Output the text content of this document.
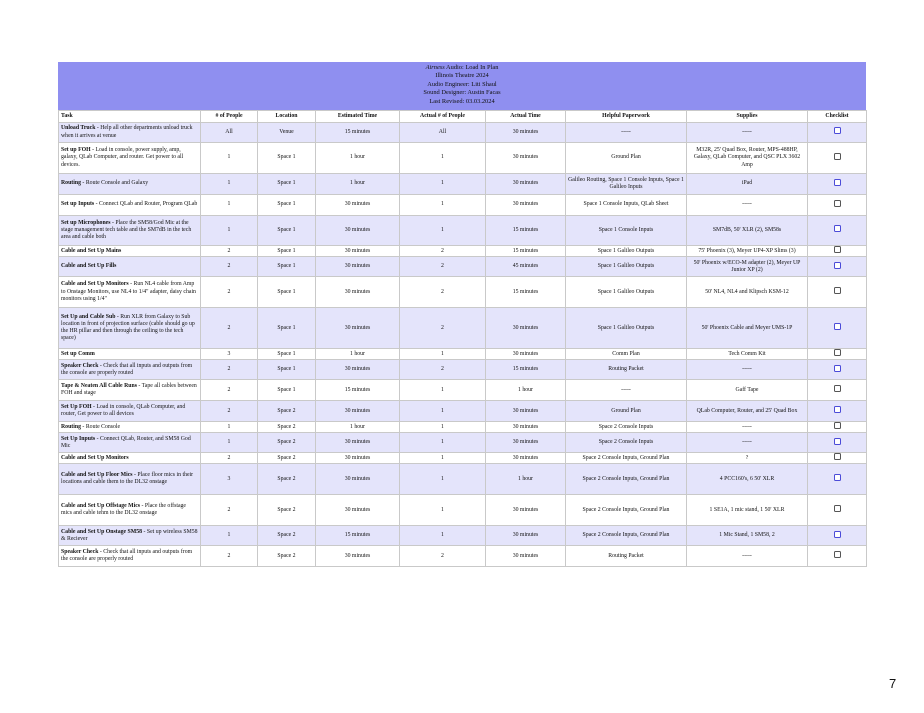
Airness Audio: Load In Plan
Illinois Theatre 2024
Audio Engineer: Liti Shaul
Sound Designer: Austin Facas
Last Revised: 03.03.2024
Task	# of People	Location	Estimated Time	Actual # of People	Actual Time	Helpful Paperwork	Supplies	Checklist
Unload Truck - Help all other departments unload truck when it arrives at venue	All	Venue	15 minutes	All	30 minutes	-----	-----	
Set up FOH - Load in console, power supply, amp, galaxy, QLab Computer, and router. Get power to all devices.	1	Space 1	1 hour	1	30 minutes	Ground Plan	M32R, 25' Quad Box, Router, MPS-488HP, Galaxy, QLab Computer, and QSC PLX 3602 Amp	
Routing - Route Console and Galaxy	1	Space 1	1 hour	1	30 minutes	Galileo Routing, Space 1 Console Inputs, Space 1 Galileo Inputs	iPad	
Set up Inputs - Connect QLab and Router, Program QLab	1	Space 1	30 minutes	1	30 minutes	Space 1 Console Inputs, QLab Sheet	-----	
Set up Microphones - Place the SM58/God Mic at the stage management tech table and the SM7dB in the tech area and cable both	1	Space 1	30 minutes	1	15 minutes	Space 1 Console Inputs	SM7dB, 50' XLR (2), SM58s	
Cable and Set Up Mains	2	Space 1	30 minutes	2	15 minutes	Space 1 Galileo Outputs	75' Phoenix (3), Meyer UP4-XP Slims (3)	
Cable and Set Up Fills	2	Space 1	30 minutes	2	45 minutes	Space 1 Galileo Outputs	50' Phoenix w/ECO-M adapter (2), Meyer UP Junior XP (2)	
Cable and Set Up Monitors - Run NL4 cable from Amp to Onstage Monitors, use NL4 to 1/4" adapter, daisy chain monitors using 1/4"	2	Space 1	30 minutes	2	15 minutes	Space 1 Galileo Outputs	50' NL4, NL4 and Klipsch KSM-12	
Set Up and Cable Sub - Run XLR from Galaxy to Sub location in front of projection surface (cable should go up the HR pillar and then through the ceiling to the tech space)	2	Space 1	30 minutes	2	30 minutes	Space 1 Galileo Outputs	50' Phoenix Cable and Meyer UMS-1P	
Set up Comm	3	Space 1	1 hour	1	30 minutes	Comm Plan	Tech Comm Kit	
Speaker Check - Check that all inputs and outputs from the console are properly routed	2	Space 1	30 minutes	2	15 minutes	Routing Packet	-----	
Tape & Neaten All Cable Runs - Tape all cables between FOH and stage	2	Space 1	15 minutes	1	1 hour	-----	Gaff Tape	
Set Up FOH - Load in console, QLab Computer, and router, Get power to all devices	2	Space 2	30 minutes	1	30 minutes	Ground Plan	QLab Computer, Router, and 25' Quad Box	
Routing - Route Console	1	Space 2	1 hour	1	30 minutes	Space 2 Console Inputs	-----	
Set Up Inputs - Connect QLab, Router, and SM58 God Mic	1	Space 2	30 minutes	1	30 minutes	Space 2 Console Inputs	-----	
Cable and Set Up Monitors	2	Space 2	30 minutes	1	30 minutes	Space 2 Console Inputs, Ground Plan	?	
Cable and Set Up Floor Mics - Place floor mics in their locations and cable them to the DL32 onstage	3	Space 2	30 minutes	1	1 hour	Space 2 Console Inputs, Ground Plan	4 PCC160's, 6 50' XLR	
Cable and Set Up Offstage Mics - Place the offstage mics and cable tehm to the DL32 onstage	2	Space 2	30 minutes	1	30 minutes	Space 2 Console Inputs, Ground Plan	1 SE1A, 1 mic stand, 1 50' XLR	
Cable and Set Up Onstage SM58 - Set up wireless SM58 & Reciever	1	Space 2	15 minutes	1	30 minutes	Space 2 Console Inputs, Ground Plan	1 Mic Stand, 1 SM58, 2	
Speaker Check - Check that all inputs and outputs from the console are properly routed	2	Space 2	30 minutes	2	30 minutes	Routing Packet	-----	
7
